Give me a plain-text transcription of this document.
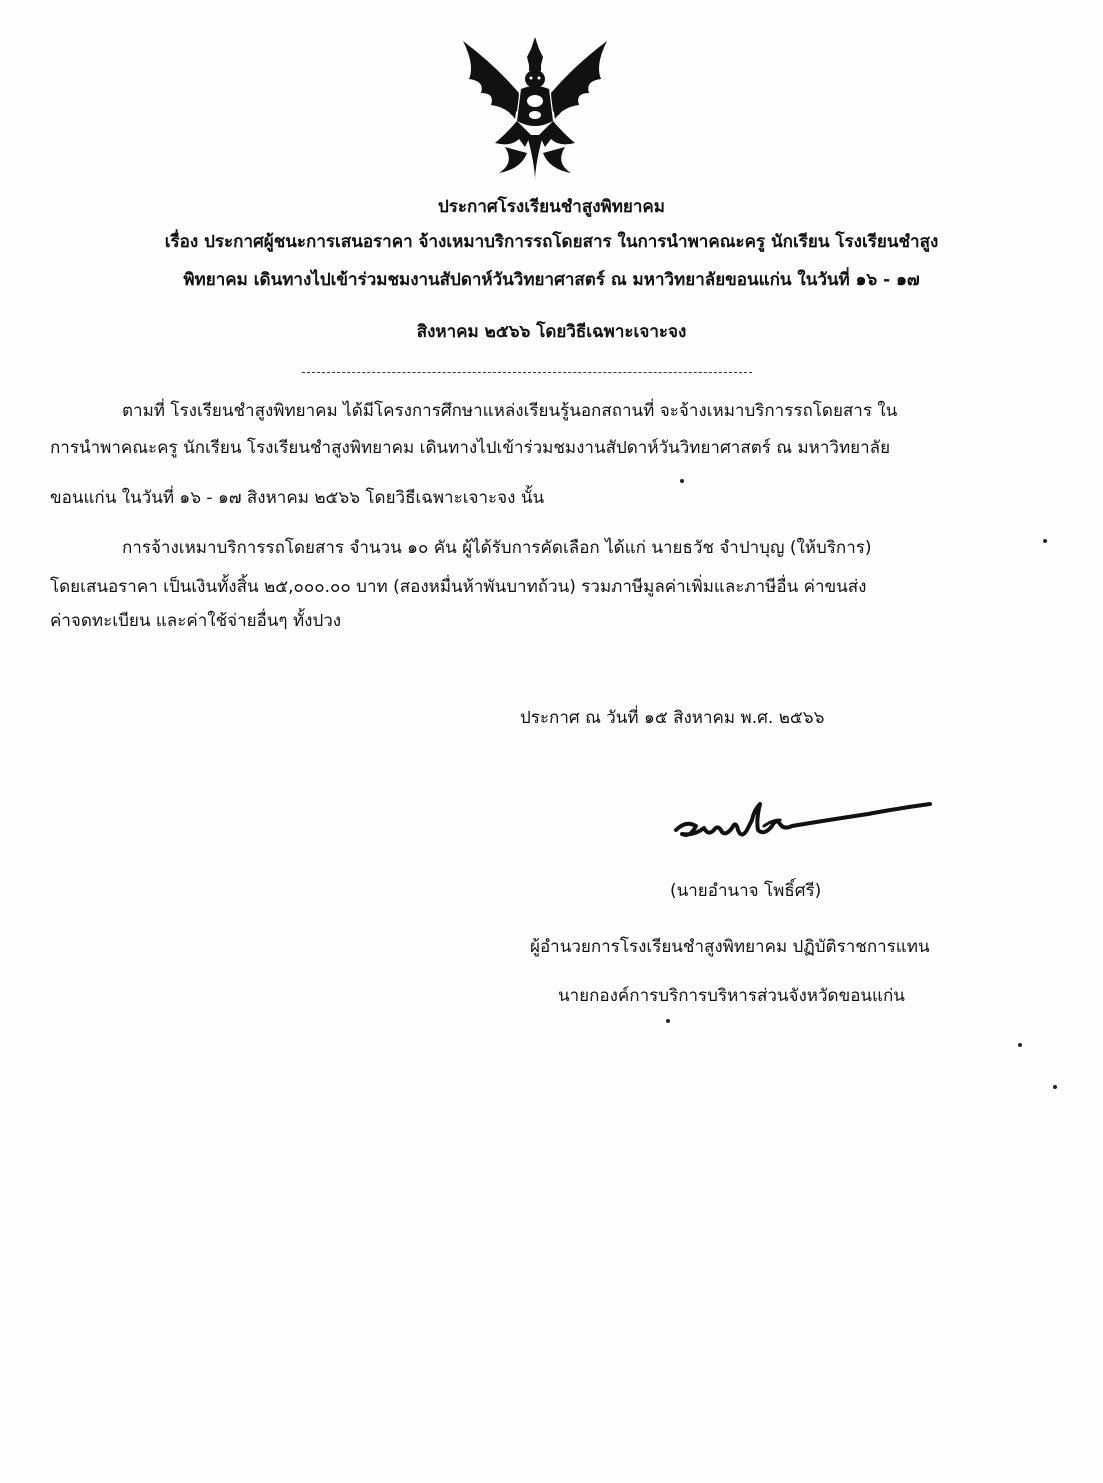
ประกาศโรงเรียนชำสูงพิทยาคม
เรื่อง ประกาศผู้ชนะการเสนอราคา จ้างเหมาบริการรถโดยสาร ในการนำพาคณะครู นักเรียน โรงเรียนชำสูง
พิทยาคม เดินทางไปเข้าร่วมชมงานสัปดาห์วันวิทยาศาสตร์ ณ มหาวิทยาลัยขอนแก่น ในวันที่ ๑๖ - ๑๗
สิงหาคม ๒๕๖๖ โดยวิธีเฉพาะเจาะจง
ตามที่ โรงเรียนชำสูงพิทยาคม ได้มีโครงการศึกษาแหล่งเรียนรู้นอกสถานที่ จะจ้างเหมาบริการรถโดยสาร ใน
การนำพาคณะครู นักเรียน โรงเรียนชำสูงพิทยาคม เดินทางไปเข้าร่วมชมงานสัปดาห์วันวิทยาศาสตร์ ณ มหาวิทยาลัย
ขอนแก่น ในวันที่ ๑๖ - ๑๗ สิงหาคม ๒๕๖๖ โดยวิธีเฉพาะเจาะจง นั้น
การจ้างเหมาบริการรถโดยสาร จำนวน ๑๐ คัน ผู้ได้รับการคัดเลือก ได้แก่ นายธวัช จำปาบุญ (ให้บริการ)
โดยเสนอราคา เป็นเงินทั้งสิ้น ๒๕,๐๐๐.๐๐ บาท (สองหมื่นห้าพันบาทถ้วน) รวมภาษีมูลค่าเพิ่มและภาษีอื่น ค่าขนส่ง
ค่าจดทะเบียน และค่าใช้จ่ายอื่นๆ ทั้งปวง
ประกาศ ณ วันที่ ๑๕ สิงหาคม พ.ศ. ๒๕๖๖
(นายอำนาจ โพธิ์ศรี)
ผู้อำนวยการโรงเรียนชำสูงพิทยาคม ปฏิบัติราชการแทน
นายกองค์การบริการบริหารส่วนจังหวัดขอนแก่น
